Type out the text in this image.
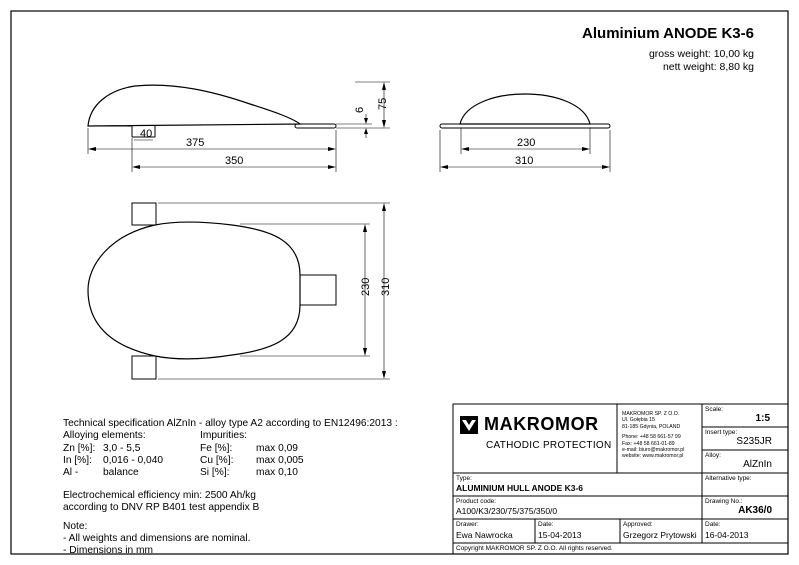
40
375
350
6 75
230
310
230 310
Aluminium ANODE K3-6
gross weight: 10,00 kg
nett weight: 8,80 kg
Technical specification AlZnIn - alloy type A2 according to EN12496:2013 :
Alloying elements:	Impurities:
Zn [%]: 3,0 - 5,5
In [%]: 0,016 - 0,040
Al - balance
Fe [%]: max 0,09
Cu [%]: max 0,005
Si [%]:	max 0,10
Electrochemical efficiency min: 2500 Ah/kg
according to DNV RP B401 test appendix B
Note:
- All weights and dimensions are nominal.
- Dimensions in mm
MAKROMOR
CATHODIC PROTECTION
MAKROMOR SP. Z O.O.
Ul. Gołębia 15
81-185 Gdynia, POLAND
Phone: +48 58 661-57 99
Fax: +48 58 661-01-89
e-mail: biuro@makromor.pl
website: www.makromor.pl
Scale:
1:5
Insert type:
S235JR
Alloy:
AlZnIn
Alternative type:
Drawing No.:
AK36/0
Type:
ALUMINIUM HULL ANODE K3-6
Product code:
A100/K3/230/75/375/350/0
Drawer:
Ewa Nawrocka
Date:
15-04-2013
Approved:
Grzegorz Prytowski
Date:
16-04-2013
Copyright MAKROMOR SP. Z O.O. All rights reserved.
